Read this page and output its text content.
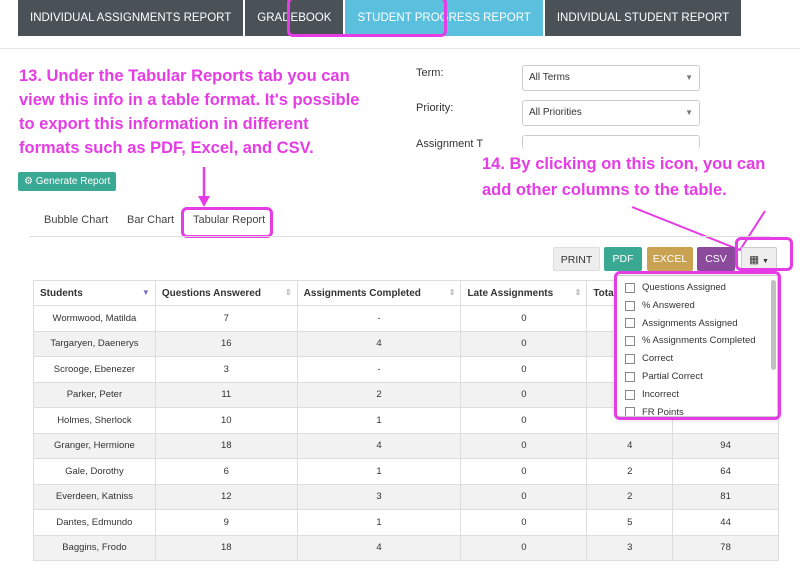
INDIVIDUAL ASSIGNMENTS REPORT	GRADEBOOK	STUDENT PROGRESS REPORT	INDIVIDUAL STUDENT REPORT
13. Under the Tabular Reports tab you can
view this info in a table format. It's possible
to export this information in different
formats such as PDF, Excel, and CSV.
Term:	All Terms	▼
Priority:	All Priorities	▼
Assignment T
⚙ Generate Report
14. By clicking on this icon, you can
add other columns to the table.
Bubble Chart Bar Chart Tabular Report
PRINT	PDF	EXCEL	CSV	▦ ▼
Students ▼	Questions Answered ⇕	Assignments Completed ⇕	Late Assignments ⇕	Tota	
Wormwood, Matilda	7	-	0		
Targaryen, Daenerys	16	4	0		
Scrooge, Ebenezer	3	-	0		
Parker, Peter	11	2	0		
Holmes, Sherlock	10	1	0		
Granger, Hermione	18	4	0	4	94
Gale, Dorothy	6	1	0	2	64
Everdeen, Katniss	12	3	0	2	81
Dantes, Edmundo	9	1	0	5	44
Baggins, Frodo	18	4	0	3	78
Questions Assigned
% Answered
Assignments Assigned
% Assignments Completed
Correct
Partial Correct
Incorrect
FR Points
